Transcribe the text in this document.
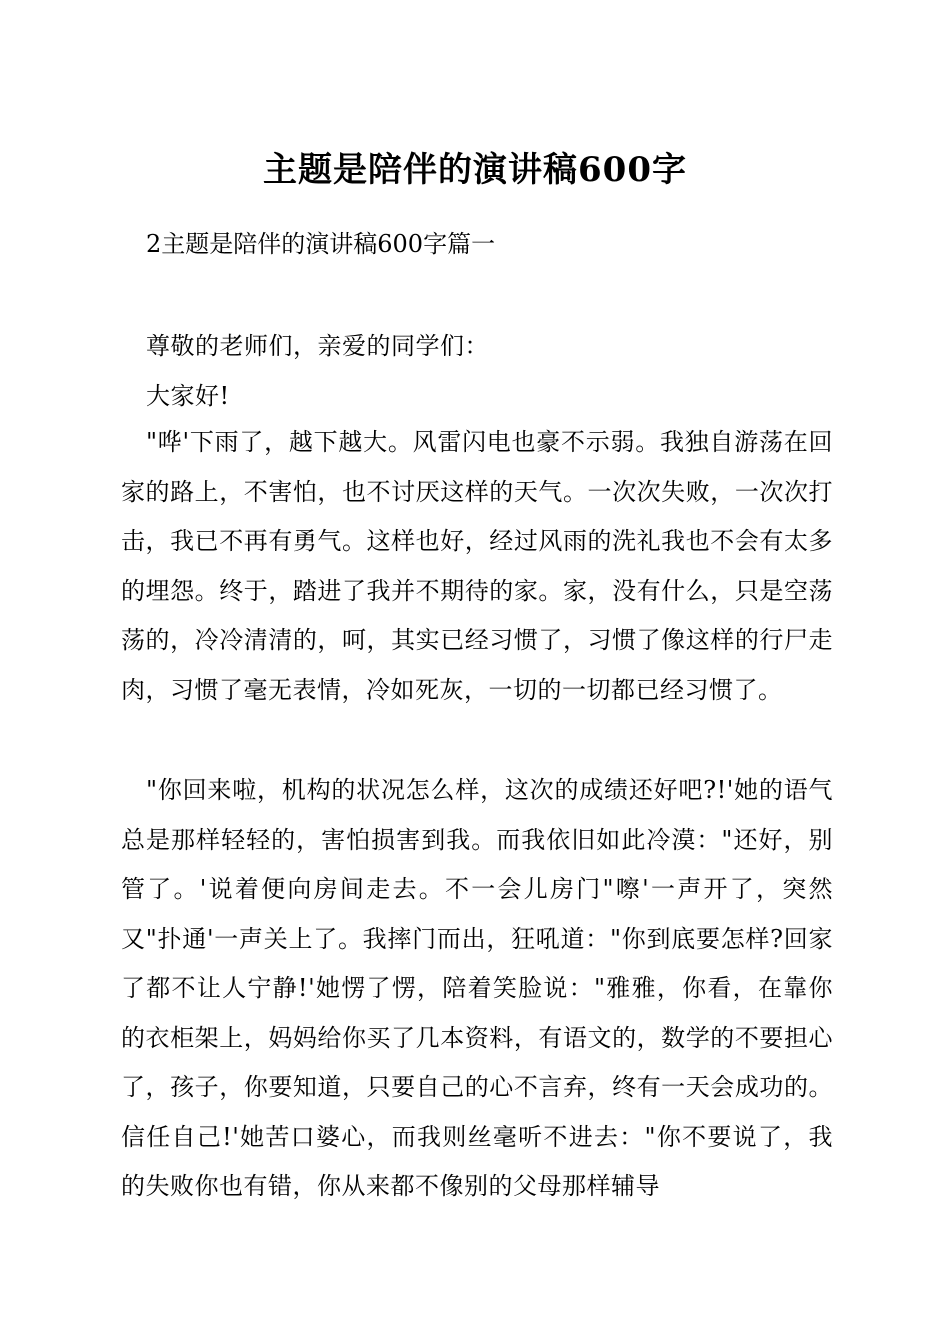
主题是陪伴的演讲稿600字

2主题是陪伴的演讲稿600字篇一

尊敬的老师们，亲爱的同学们：

大家好!

"哗'下雨了，越下越大。风雷闪电也豪不示弱。我独自游荡在回家的路上，不害怕，也不讨厌这样的天气。一次次失败，一次次打击，我已不再有勇气。这样也好，经过风雨的洗礼我也不会有太多的埋怨。终于，踏进了我并不期待的家。家，没有什么，只是空荡荡的，冷冷清清的，呵，其实已经习惯了，习惯了像这样的行尸走肉，习惯了毫无表情，冷如死灰，一切的一切都已经习惯了。

"你回来啦，机构的状况怎么样，这次的成绩还好吧?!'她的语气总是那样轻轻的，害怕损害到我。而我依旧如此冷漠："还好，别管了。'说着便向房间走去。不一会儿房门"嚓'一声开了，突然又"扑通'一声关上了。我摔门而出，狂吼道："你到底要怎样?回家了都不让人宁静!'她愣了愣，陪着笑脸说："雅雅，你看，在靠你的衣柜架上，妈妈给你买了几本资料，有语文的，数学的不要担心了，孩子，你要知道，只要自己的心不言弃，终有一天会成功的。信任自己!'她苦口婆心，而我则丝毫听不进去："你不要说了，我的失败你也有错，你从来都不像别的父母那样辅导
